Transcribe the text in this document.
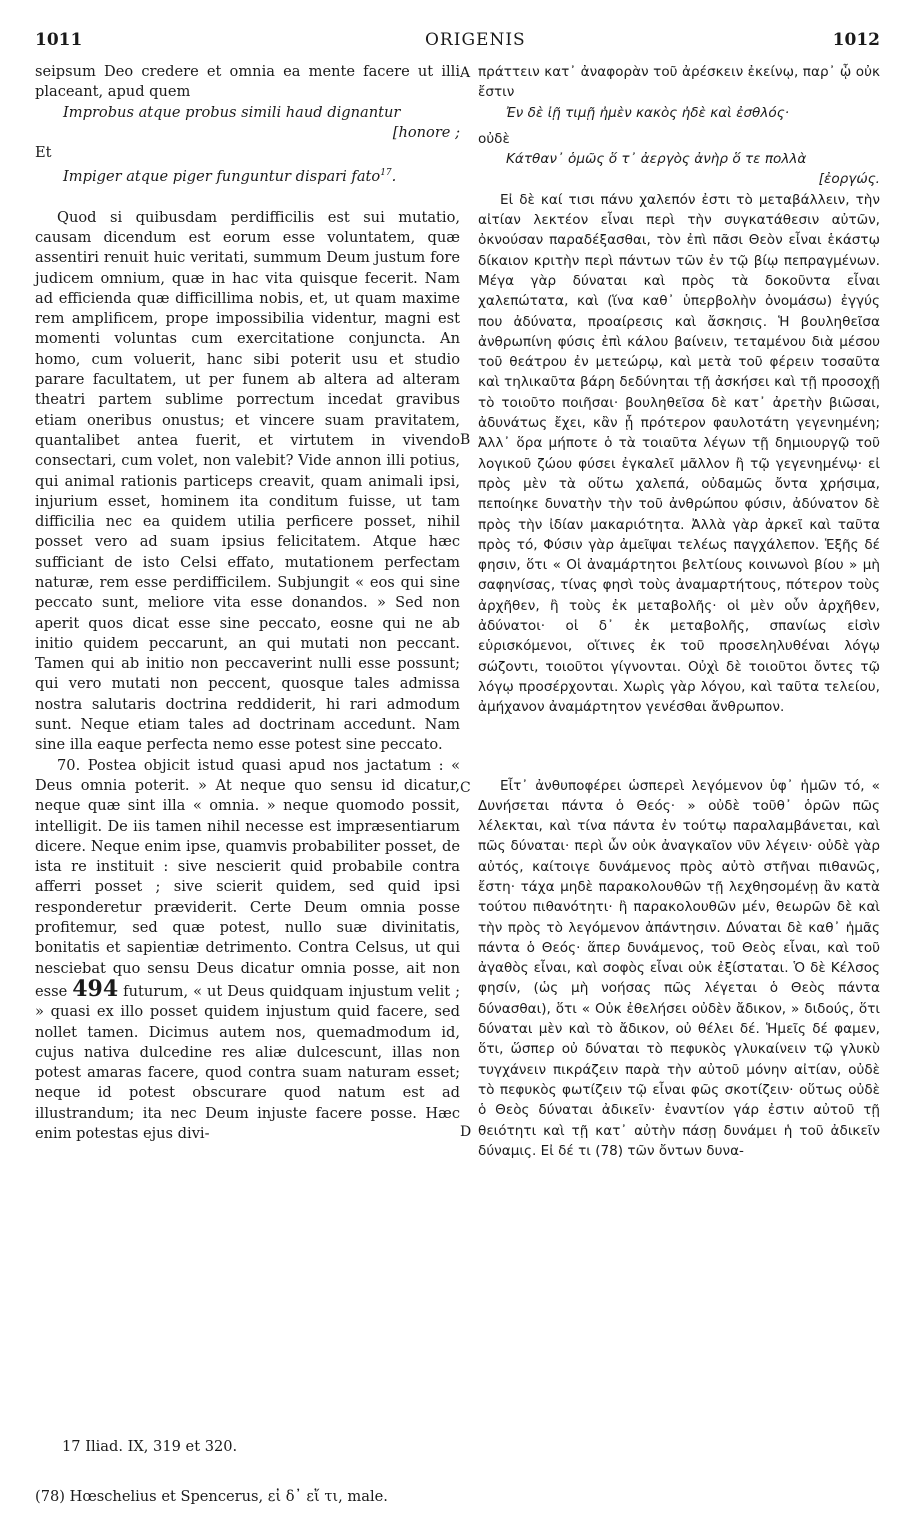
1011	ORIGENIS	1012

seipsum Deo credere et omnia ea mente facere ut illi placeant, apud quem

Improbus atque probus simili haud dignantur

[honore ;

Et

Impiger atque piger funguntur dispari fato$^{17}$.

Quod si quibusdam perdifficilis est sui mutatio, causam dicendum est eorum esse voluntatem, quæ assentiri renuit huic veritati, summum Deum justum fore judicem omnium, quæ in hac vita quisque fecerit. Nam ad efficienda quæ difficillima nobis, et, ut quam maxime rem amplificem, prope impossibilia videntur, magni est momenti voluntas cum exercitatione conjuncta. An homo, cum voluerit, hanc sibi poterit usu et studio parare facultatem, ut per funem ab altera ad alteram theatri partem sublime porrectum incedat gravibus etiam oneribus onustus; et vincere suam pravitatem, quantalibet antea fuerit, et virtutem in vivendo consectari, cum volet, non valebit? Vide annon illi potius, qui animal rationis particeps creavit, quam animali ipsi, injurium esset, hominem ita conditum fuisse, ut tam difficilia nec ea quidem utilia perficere posset, nihil posset vero ad suam ipsius felicitatem. Atque hæc sufficiant de isto Celsi effato, mutationem perfectam naturæ, rem esse perdifficilem. Subjungit « eos qui sine peccato sunt, meliore vita esse donandos. » Sed non aperit quos dicat esse sine peccato, eosne qui ne ab initio quidem peccarunt, an qui mutati non peccant. Tamen qui ab initio non peccaverint nulli esse possunt; qui vero mutati non peccent, quosque tales admissa nostra salutaris doctrina reddiderit, hi rari admodum sunt. Neque etiam tales ad doctrinam accedunt. Nam sine illa eaque perfecta nemo esse potest sine peccato.

70. Postea objicit istud quasi apud nos jactatum : « Deus omnia poterit. » At neque quo sensu id dicatur, neque quæ sint illa « omnia. » neque quomodo possit, intelligit. De iis tamen nihil necesse est impræsentiarum dicere. Neque enim ipse, quamvis probabiliter posset, de ista re instituit : sive nescierit quid probabile contra afferri posset ; sive scierit quidem, sed quid ipsi responderetur præviderit. Certe Deum omnia posse profitemur, sed quæ potest, nullo suæ divinitatis, bonitatis et sapientiæ detrimento. Contra Celsus, ut qui nesciebat quo sensu Deus dicatur omnia posse, ait non esse 494 futurum, « ut Deus quidquam injustum velit ; » quasi ex illo posset quidem injustum quid facere, sed nollet tamen. Dicimus autem nos, quemadmodum id, cujus nativa dulcedine res aliæ dulcescunt, illas non potest amaras facere, quod contra suam naturam esset; neque id potest obscurare quod natum est ad illustrandum; ita nec Deum injuste facere posse. Hæc enim potestas ejus divi-

πράττειν κατ᾽ ἀναφορὰν τοῦ ἀρέσκειν ἐκείνῳ, παρ᾽ ᾧ οὐκ ἔστιν

Ἐν δὲ ἰῇ τιμῇ ἠμὲν κακὸς ἠδὲ καὶ ἐσθλός·

οὐδὲ

Κάτθαν᾽ ὁμῶς ὅ τ᾽ ἀεργὸς ἀνὴρ ὅ τε πολλὰ

[ἐοργώς.

Εἰ δὲ καί τισι πάνυ χαλεπόν ἐστι τὸ μεταβάλλειν, τὴν αἰτίαν λεκτέον εἶναι περὶ τὴν συγκατάθεσιν αὐτῶν, ὀκνούσαν παραδέξασθαι, τὸν ἐπὶ πᾶσι Θεὸν εἶναι ἑκάστῳ δίκαιον κριτὴν περὶ πάντων τῶν ἐν τῷ βίῳ πεπραγμένων. Μέγα γὰρ δύναται καὶ πρὸς τὰ δοκοῦντα εἶναι χαλεπώτατα, καὶ (ἵνα καθ᾽ ὑπερβολὴν ὀνομάσω) ἐγγύς που ἀδύνατα, προαίρεσις καὶ ἄσκησις. Ἡ βουληθεῖσα ἀνθρωπίνη φύσις ἐπὶ κάλου βαίνειν, τεταμένου διὰ μέσου τοῦ θεάτρου ἐν μετεώρῳ, καὶ μετὰ τοῦ φέρειν τοσαῦτα καὶ τηλικαῦτα βάρη δεδύνηται τῇ ἀσκήσει καὶ τῇ προσοχῇ τὸ τοιοῦτο ποιῆσαι· βουληθεῖσα δὲ κατ᾽ ἀρετὴν βιῶσαι, ἀδυνάτως ἔχει, κἂν ᾖ πρότερον φαυλοτάτη γεγενημένη; Ἀλλ᾽ ὅρα μήποτε ὁ τὰ τοιαῦτα λέγων τῇ δημιουργῷ τοῦ λογικοῦ ζώου φύσει ἐγκαλεῖ μᾶλλον ἢ τῷ γεγενημένῳ· εἰ πρὸς μὲν τὰ οὕτω χαλεπά, οὐδαμῶς ὄντα χρήσιμα, πεποίηκε δυνατὴν τὴν τοῦ ἀνθρώπου φύσιν, ἀδύνατον δὲ πρὸς τὴν ἰδίαν μακαριότητα. Ἀλλὰ γὰρ ἀρκεῖ καὶ ταῦτα πρὸς τό, Φύσιν γὰρ ἀμεῖψαι τελέως παγχάλεπον. Ἑξῆς δέ φησιν, ὅτι « Οἱ ἀναμάρτητοι βελτίους κοινωνοὶ βίου » μὴ σαφηνίσας, τίνας φησὶ τοὺς ἀναμαρτήτους, πότερον τοὺς ἀρχῆθεν, ἢ τοὺς ἐκ μεταβολῆς· οἱ μὲν οὖν ἀρχῆθεν, ἀδύνατοι· οἱ δ᾽ ἐκ μεταβολῆς, σπανίως εἰσὶν εὑρισκόμενοι, οἵτινες ἐκ τοῦ προσεληλυθέναι λόγῳ σώζοντι, τοιοῦτοι γίγνονται. Οὐχὶ δὲ τοιοῦτοι ὄντες τῷ λόγῳ προσέρχονται. Χωρὶς γὰρ λόγου, καὶ ταῦτα τελείου, ἀμήχανον ἀναμάρτητον γενέσθαι ἄνθρωπον.

Εἶτ᾽ ἀνθυποφέρει ὡσπερεὶ λεγόμενον ὑφ᾽ ἡμῶν τό, « Δυνήσεται πάντα ὁ Θεός· » οὐδὲ τοῦθ᾽ ὁρῶν πῶς λέλεκται, καὶ τίνα πάντα ἐν τούτῳ παραλαμβάνεται, καὶ πῶς δύναται· περὶ ὧν οὐκ ἀναγκαῖον νῦν λέγειν· οὐδὲ γὰρ αὐτός, καίτοιγε δυνάμενος πρὸς αὐτὸ στῆναι πιθανῶς, ἔστη· τάχα μηδὲ παρακολουθῶν τῇ λεχθησομένῃ ἂν κατὰ τούτου πιθανότητι· ἢ παρακολουθῶν μέν, θεωρῶν δὲ καὶ τὴν πρὸς τὸ λεγόμενον ἀπάντησιν. Δύναται δὲ καθ᾽ ἡμᾶς πάντα ὁ Θεός· ἅπερ δυνάμενος, τοῦ Θεὸς εἶναι, καὶ τοῦ ἀγαθὸς εἶναι, καὶ σοφὸς εἶναι οὐκ ἐξίσταται. Ὁ δὲ Κέλσος φησίν, (ὡς μὴ νοήσας πῶς λέγεται ὁ Θεὸς πάντα δύνασθαι), ὅτι « Οὐκ ἐθελήσει οὐδὲν ἄδικον, » διδούς, ὅτι δύναται μὲν καὶ τὸ ἄδικον, οὐ θέλει δέ. Ἡμεῖς δέ φαμεν, ὅτι, ὥσπερ οὐ δύναται τὸ πεφυκὸς γλυκαίνειν τῷ γλυκὺ τυγχάνειν πικράζειν παρὰ τὴν αὐτοῦ μόνην αἰτίαν, οὐδὲ τὸ πεφυκὸς φωτίζειν τῷ εἶναι φῶς σκοτίζειν· οὕτως οὐδὲ ὁ Θεὸς δύναται ἀδικεῖν· ἐναντίον γάρ ἐστιν αὐτοῦ τῇ θειότητι καὶ τῇ κατ᾽ αὐτὴν πάσῃ δυνάμει ἡ τοῦ ἀδικεῖν δύναμις. Εἰ δέ τι (78) τῶν ὄντων δυνα-

A
B
C
D
17 Iliad. IX, 319 et 320.
(78) Hœschelius et Spencerus, εἰ δ᾽ εἴ τι, male.
